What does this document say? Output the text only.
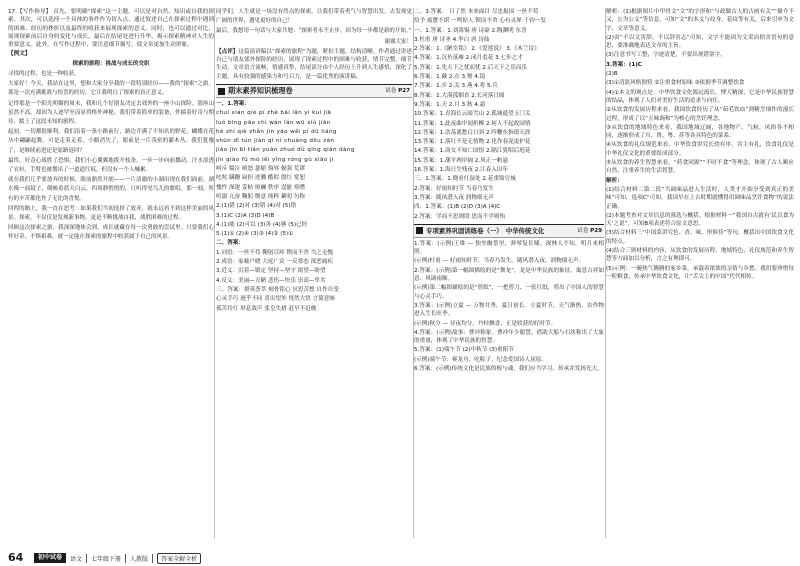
17.【写作指导】 首先，要明确“探索”这一主题，可以是对自然、知识或自我的探索。其次，可以选择一个具体的事件作为切入点，通过叙述自己在探索过程中遇到的困难、经历的挫折以及最终的收获来展现探索的意义。同时，也可以通过对比，展现探索前后自身的变化与成长。最后在结尾处进行升华，揭示探索精神对人生的重要意义。此外，在写作过程中，要注意细节描写，使文章更加生动形象。

【例文】

探索的旅程：挑战与成长的交织

寻找的过程，也是一种收获。

大家好！今天，我站在这里，想和大家分享我的一段特别经历——我的“探索”之旅。那是一次充满挑战与惊喜的经历，它让我明白了探索的真正意义。

记得那是一个阳光明媚的周末，我和几个好朋友决定去郊外的一座小山探险。那座山虽然不高，却因为人迹罕至而显得格外神秘。我们带着简单的装备，怀揣着好奇与期待，踏上了这段未知的旅程。

起初，一切都很顺利。我们沿着一条小路前行，路边开满了不知名的野花，蝴蝶在花丛中翩翩起舞。可是走着走着，小路消失了，眼前是一片茂密的灌木丛。我们犹豫了，是继续前进还是原路返回？

最终，好奇心战胜了恐惧。我们小心翼翼地拨开枝条，一步一步向前挪动。汗水湿透了衣衫，手臂也被划出了一道道红痕，但没有一个人喊累。

就在我们几乎要放弃的时候，眼前豁然开朗——一片清澈的小湖出现在我们面前。湖水像一面镜子，倒映着蓝天白云，四周静悄悄的，只听得见鸟儿的歌唱。那一刻，所有的辛苦都化作了无比的喜悦。

回程的路上，我一直在思考：如果我们当初选择了放弃，就永远看不到这样美丽的风景。探索，不仅仅是发现新事物，更是不断挑战自我、战胜困难的过程。

回顾这次探索之旅，我深深地体会到，成长就藏在每一次勇敢的尝试里。只要我们心怀好奇、不惧艰难，就一定能在探索的旅程中收获属于自己的风景。

同学们，人生就是一场没有终点的探索。让我们带着勇气与智慧出发，去发现更广阔的世界，遇见更好的自己！

最后，我想用一句话与大家共勉：“探索者永不止步，因为每一步都是新的开始。”

谢谢大家！

【点评】这篇演讲稿以“探索的旅程”为题，紧扣主题，结构清晰。作者通过讲述自己与朋友郊外探险的经历，展现了探索过程中的困难与收获，情节完整，细节生动。文章语言流畅，情感真挚，结尾部分由个人经历上升到人生感悟，深化了主题，具有较强的感染力和号召力，是一篇优秀的演讲稿。

期末素养知识梳理卷	试卷 P27

一、1.答案：

chuí xián qiè pí zhè bǎi lǎn yì kuí jiā

luó bīng pāo chì wán lán wū xiù jiān

hé zhì qiè zhǎn jìn yāo wěi pí dū liáng

shùn dǐ tún jiàn qī nì chuáng dōu zàn

jiǎo jīn bì tián yuān zhuó dǔ qīng qián dàng

jǐn qiào fǔ mò lěi yǐng róng gù xiāo jì

呵斥 啜泣 嗔怒 瑟缩 侮辱 倔强 荒谬

叱咤 蹒跚 扁担 迸溅 酷似 殷红 宽恕

愧怍 深邃 妥帖 斑斓 秩序 逞能 寒噤

喧嚣 亢奋 鞠躬 惬意 纯粹 絮叨 匀称

2.(1)错 (2)对 (3)错 (4)对 (5)错

3.(1)C (2)A (3)D (4)B

4.(1)能 (2)可以 (3)善 (4)够 (5)已经

5.(1)① (2)④ (3)③ (4)② (5)①

二、答案：

1.词语：一丝不苟 鞠躬尽瘁 锲而不舍 当之无愧

2.成语：家喻户晓 大庭广众 一反常态 深恶痛疾

3.近义：沉着—镇定 坚持—坚守 渴望—盼望

4.反义：美丽—丑陋 悲伤—快乐 崇高—卑劣

三、答案：群英荟萃 刻骨铭心 冥思苦想 自作自受

心灵手巧 迥乎不同 喜出望外 恍然大悟 言简意赅

孤苦伶仃 屏息敛声 张皇失措 赶早不赶晚

二、3.答案： 日了然 本来面目 尽忠报国 一丝不苟

给予 疲惫不堪 一鸣惊人 锲而不舍 心有灵犀 千钧一发

一、1.答案：1.刘禹锡 唐 诗豪 2.陶渊明 东晋

3.杜甫 唐 诗圣 4.李白 唐 诗仙

2.答案：1.《陋室铭》 2.《爱莲说》 3.《木兰诗》

4.答案：1.沉鱼落雁 2.闭月羞花 3.七步之才

5.答案：1.先天下之忧而忧 2.后天下之乐而乐

6.答案：1.戴 2.衣 3.鬟 4.镜

7.答案：1.乡 2.关 3.燕 4.将 5.兵

8.答案：1.大漠孤烟直 2.长河落日圆

9.答案：1.天 2.月 3.秋 4.霜

10.答案：1.青海长云暗雪山 2.孤城遥望玉门关

11.答案：1.此夜曲中闻折柳 2.何人不起故园情

12.答案：1.浩荡离愁白日斜 2.吟鞭东指即天涯

13.答案：1.落红不是无情物 2.化作春泥更护花

14.答案：1.商女不知亡国恨 2.隔江犹唱后庭花

15.答案：1.潮平两岸阔 2.风正一帆悬

16.答案：1.海日生残夜 2.江春入旧年

三、1.答案：1.晓看红湿处 2.花重锦官城

2.答案：好雨知时节 当春乃发生

3.答案：随风潜入夜 润物细无声

四、1.答案：(1)B (2)D (3)A (4)C

2.答案：学而不思则罔 思而不学则殆

专项素养巩固训练卷（一）　中华传统文化	试卷 P29

1.答案：(示例)王维 — 独坐幽篁里，弹琴复长啸。深林人不知，明月来相照。

(示例)杜甫 — 好雨知时节，当春乃发生。随风潜入夜，润物细无声。

2.答案：(示例)第一幅图描绘的是“舞龙”，龙是中华民族的象征，寓意吉祥如意、风调雨顺。

(示例)第二幅图描绘的是“剪纸”，一把剪刀、一张红纸，剪出了中国人的智慧与心灵手巧。

3.答案：(示例)立夏 — 万物并秀，夏日初长。立夏时节，天气渐热，农作物进入生长旺季。

(示例)秋分 — 昼夜均分，丹桂飘香，正是收获的好时节。

4.答案：(示例)故事：曹冲称象。曹冲年少聪慧，借助大船与石块称出了大象的重量，体现了中华民族的智慧。

5.答案：(1)端午节 (2)中秋节 (3)重阳节

(示例)端午节：赛龙舟、吃粽子，纪念爱国诗人屈原。

6.答案：(示例)传统文化是民族的根与魂，我们应当学习、传承并发扬光大。

解析：(1)根据图片中甲骨文“文”的字形和“与政做古人的古画有关”“描介不又，公为公文”等信息，可知“文”的本义与纹身、花纹等有关，后来引申为文字、文章等意义。

(2)由“不以文害辞，不以辞害志”可知，文字不能因为文采而损害语句的意思，要准确地表达文章的主旨。

(3)注意书写工整，字迹清楚，不要出现错别字。

3.答案：(1)C

(2)B

(3)①清淡风格独特 ②注重食材原味 ③依据季节调整饮食

(4)①本文的观点是：中华饮食文化源远流长，博大精深，它是中华民族智慧的结晶，体现了人们对美好生活的追求与向往。

②从饮食的发展历程来看，我国饮食经历了从“茹毛饮血”到精烹细作的漫长过程，形成了以“五味调和”为核心的烹饪理念。

③从饮食的地域特色来看，我国地域辽阔，各地物产、气候、风俗各不相同，逐渐形成了川、鲁、粤、苏等各具特色的菜系。

④从饮食的礼仪规范来看，中华饮食讲究长幼有序、宾主有礼，饮食礼仪是中华礼仪文化的重要组成部分。

⑤从饮食的养生智慧来看，“药食同源”“不时不食”等理念，体现了古人顺应自然、注重养生的生活智慧。

解析：

(1)结合材料二第二段“当调味品进入生活时，人类才开始享受到真正的美味”可知，选项C“可知，我国早在上古时期就懂得用调味品烹饪食物”的说法正确。

(2)本题考查对文章信息的筛选与概括。根据材料一“我国自古就有‘民以食为天’之说”，可知B项表述符合原文意思。

(3)结合材料三“中国菜讲究色、香、味、形俱佳”等句，概括出中国饮食文化的特点。

(4)结合三则材料的内容，从饮食的发展历程、地域特色、礼仪规范和养生智慧等方面加以分析，言之有理即可。

(5)示例：一碗热气腾腾的家乡菜，承载着浓浓的亲情与乡愁。我们要珍惜每一粒粮食，传承中华饮食文化，让“舌尖上的中国”代代相传。

64	初中试卷	语文	七年级下册	人教版	答案全解全析
